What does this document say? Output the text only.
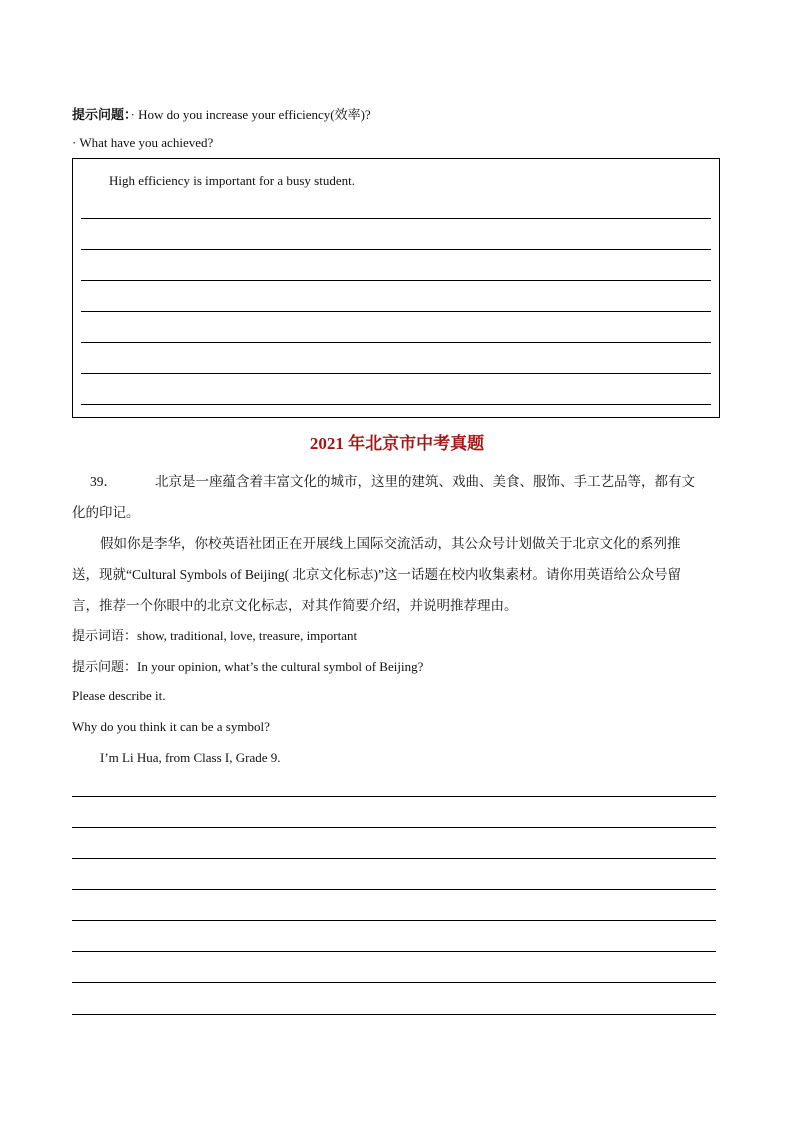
提示问题：· How do you increase your efficiency(效率)?
· What have you achieved?
High efficiency is important for a busy student.
2021 年北京市中考真题
39．	北京是一座蕴含着丰富文化的城市，这里的建筑、戏曲、美食、服饰、手工艺品等，都有文
化的印记。
假如你是李华，你校英语社团正在开展线上国际交流活动，其公众号计划做关于北京文化的系列推
送，现就“Cultural Symbols of Beijing( 北京文化标志)”这一话题在校内收集素材。请你用英语给公众号留
言，推荐一个你眼中的北京文化标志，对其作简要介绍，并说明推荐理由。
提示词语：show, traditional, love, treasure, important
提示问题：In your opinion, what’s the cultural symbol of Beijing?
Please describe it.
Why do you think it can be a symbol?
I’m Li Hua, from Class I, Grade 9.
